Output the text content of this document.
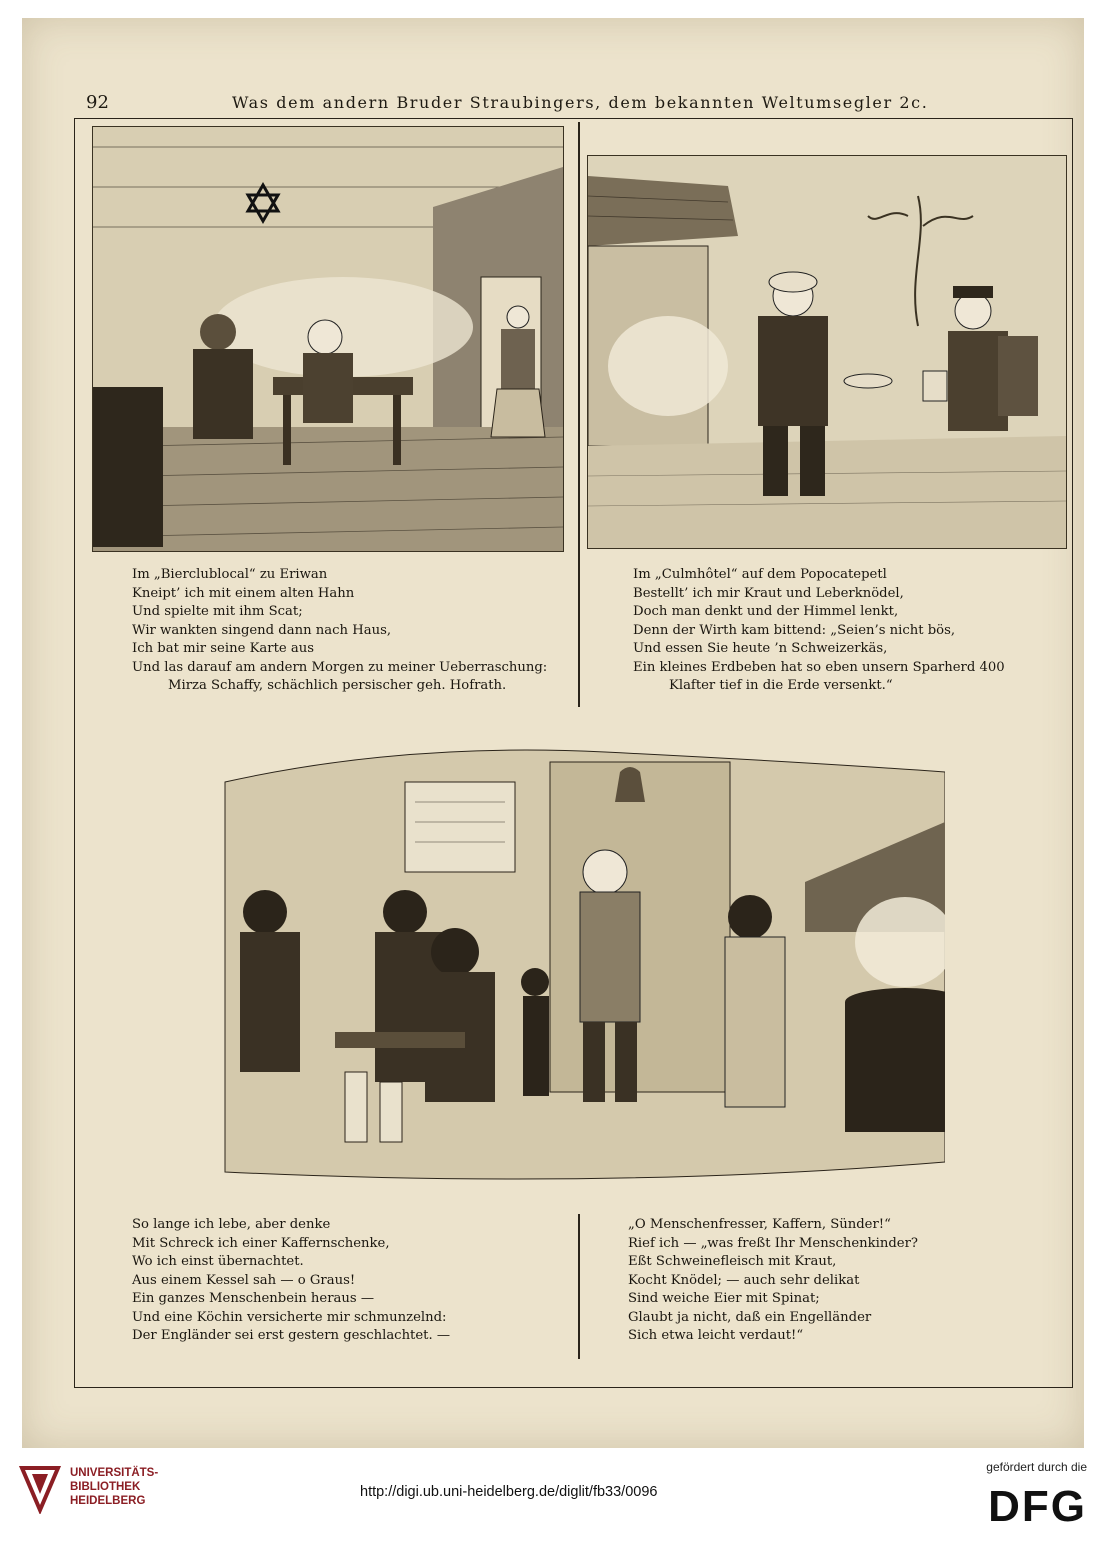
92	Was dem andern Bruder Straubingers, dem bekannten Weltumsegler 2c.
Im „Bierclublocal“ zu Eriwan
Kneipt’ ich mit einem alten Hahn
Und spielte mit ihm Scat;
Wir wankten singend dann nach Haus,
Ich bat mir seine Karte aus
Und las darauf am andern Morgen zu meiner Ueberraschung:
Mirza Schaffy, schächlich persischer geh. Hofrath.
Im „Culmhôtel“ auf dem Popocatepetl
Bestellt’ ich mir Kraut und Leberknödel,
Doch man denkt und der Himmel lenkt,
Denn der Wirth kam bittend: „Seien’s nicht bös,
Und essen Sie heute ’n Schweizerkäs,
Ein kleines Erdbeben hat so eben unsern Sparherd 400
Klafter tief in die Erde versenkt.“
So lange ich lebe, aber denke
Mit Schreck ich einer Kaffernschenke,
Wo ich einst übernachtet.
Aus einem Kessel sah — o Graus!
Ein ganzes Menschenbein heraus —
Und eine Köchin versicherte mir schmunzelnd:
Der Engländer sei erst gestern geschlachtet. —
„O Menschenfresser, Kaffern, Sünder!“
Rief ich — „was freßt Ihr Menschenkinder?
Eßt Schweinefleisch mit Kraut,
Kocht Knödel; — auch sehr delikat
Sind weiche Eier mit Spinat;
Glaubt ja nicht, daß ein Engelländer
Sich etwa leicht verdaut!“
UNIVERSITÄTS-
BIBLIOTHEK
HEIDELBERG
http://digi.ub.uni-heidelberg.de/diglit/fb33/0096
gefördert durch die
DFG
